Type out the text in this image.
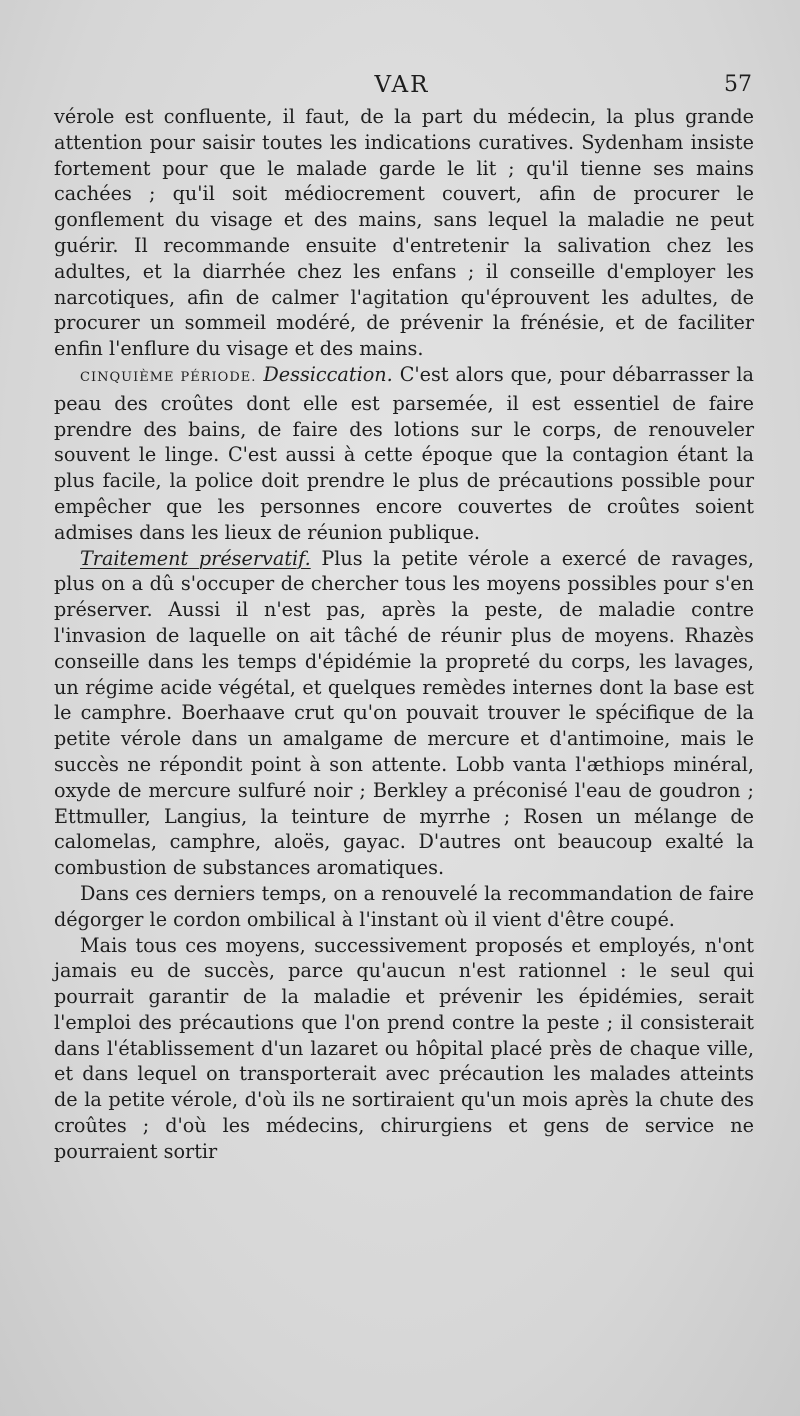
VAR	57

vérole est confluente, il faut, de la part du médecin, la plus grande attention pour saisir toutes les indications curatives. Sydenham insiste fortement pour que le malade garde le lit ; qu'il tienne ses mains cachées ; qu'il soit médiocrement couvert, afin de procurer le gonflement du visage et des mains, sans lequel la maladie ne peut guérir. Il recommande ensuite d'entretenir la salivation chez les adultes, et la diarrhée chez les enfans ; il conseille d'employer les narcotiques, afin de calmer l'agitation qu'éprouvent les adultes, de procurer un sommeil modéré, de prévenir la frénésie, et de faciliter enfin l'enflure du visage et des mains.

CINQUIÈME PÉRIODE. Dessiccation. C'est alors que, pour débarrasser la peau des croûtes dont elle est parsemée, il est essentiel de faire prendre des bains, de faire des lotions sur le corps, de renouveler souvent le linge. C'est aussi à cette époque que la contagion étant la plus facile, la police doit prendre le plus de précautions possible pour empêcher que les personnes encore couvertes de croûtes soient admises dans les lieux de réunion publique.

Traitement préservatif. Plus la petite vérole a exercé de ravages, plus on a dû s'occuper de chercher tous les moyens possibles pour s'en préserver. Aussi il n'est pas, après la peste, de maladie contre l'invasion de laquelle on ait tâché de réunir plus de moyens. Rhazès conseille dans les temps d'épidémie la propreté du corps, les lavages, un régime acide végétal, et quelques remèdes internes dont la base est le camphre. Boerhaave crut qu'on pouvait trouver le spécifique de la petite vérole dans un amalgame de mercure et d'antimoine, mais le succès ne répondit point à son attente. Lobb vanta l'æthiops minéral, oxyde de mercure sulfuré noir ; Berkley a préconisé l'eau de goudron ; Ettmuller, Langius, la teinture de myrrhe ; Rosen un mélange de calomelas, camphre, aloës, gayac. D'autres ont beaucoup exalté la combustion de substances aromatiques.

Dans ces derniers temps, on a renouvelé la recommandation de faire dégorger le cordon ombilical à l'instant où il vient d'être coupé.

Mais tous ces moyens, successivement proposés et employés, n'ont jamais eu de succès, parce qu'aucun n'est rationnel : le seul qui pourrait garantir de la maladie et prévenir les épidémies, serait l'emploi des précautions que l'on prend contre la peste ; il consisterait dans l'établissement d'un lazaret ou hôpital placé près de chaque ville, et dans lequel on transporterait avec précaution les malades atteints de la petite vérole, d'où ils ne sortiraient qu'un mois après la chute des croûtes ; d'où les médecins, chirurgiens et gens de service ne pourraient sortir
